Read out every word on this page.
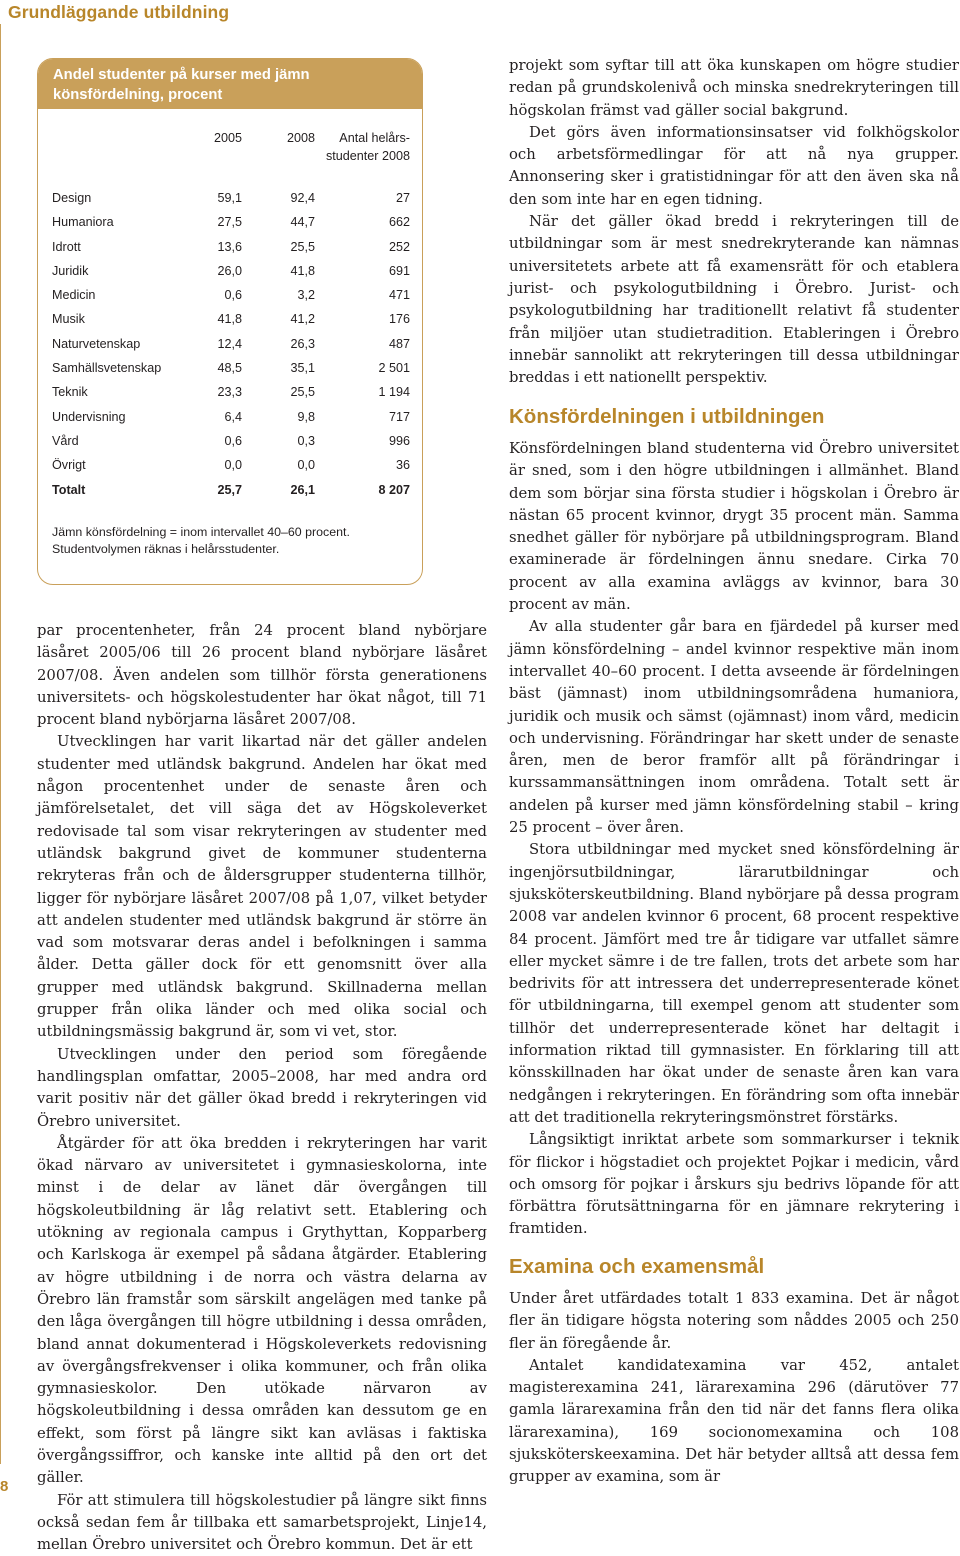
Grundläggande utbildning
8
Andel studenter på kurser med jämn könsfördelning, procent
2005	2008	Antal helårs-studenter 2008
Design	59,1	92,4	27
Humaniora	27,5	44,7	662
Idrott	13,6	25,5	252
Juridik	26,0	41,8	691
Medicin	0,6	3,2	471
Musik	41,8	41,2	176
Naturvetenskap	12,4	26,3	487
Samhällsvetenskap	48,5	35,1	2 501
Teknik	23,3	25,5	1 194
Undervisning	6,4	9,8	717
Vård	0,6	0,3	996
Övrigt	0,0	0,0	36
Totalt	25,7	26,1	8 207
Jämn könsfördelning = inom intervallet 40–60 procent. Studentvolymen räknas i helårsstudenter.

par procentenheter, från 24 procent bland nybörjare läsåret 2005/06 till 26 procent bland nybörjare läsåret 2007/08. Även andelen som tillhör första generationens universitets- och högskolestudenter har ökat något, till 71 procent bland nybörjarna läsåret 2007/08.

Utvecklingen har varit likartad när det gäller andelen studenter med utländsk bakgrund. Andelen har ökat med någon procentenhet under de senaste åren och jämförelsetalet, det vill säga det av Högskoleverket redovisade tal som visar rekryteringen av studenter med utländsk bakgrund givet de kommuner studenterna rekryteras från och de åldersgrupper studenterna tillhör, ligger för nybörjare läsåret 2007/08 på 1,07, vilket betyder att andelen studenter med utländsk bakgrund är större än vad som motsvarar deras andel i befolkningen i samma ålder. Detta gäller dock för ett genomsnitt över alla grupper med utländsk bakgrund. Skillnaderna mellan grupper från olika länder och med olika social och utbildningsmässig bakgrund är, som vi vet, stor.

Utvecklingen under den period som föregående handlingsplan omfattar, 2005–2008, har med andra ord varit positiv när det gäller ökad bredd i rekryteringen vid Örebro universitet.

Åtgärder för att öka bredden i rekryteringen har varit ökad närvaro av universitetet i gymnasieskolorna, inte minst i de delar av länet där övergången till högskoleutbildning är låg relativt sett. Etablering och utökning av regionala campus i Grythyttan, Kopparberg och Karlskoga är exempel på sådana åtgärder. Etablering av högre utbildning i de norra och västra delarna av Örebro län framstår som särskilt angelägen med tanke på den låga övergången till högre utbildning i dessa områden, bland annat dokumenterad i Högskoleverkets redovisning av övergångsfrekvenser i olika kommuner, och från olika gymnasieskolor. Den utökade närvaron av högskoleutbildning i dessa områden kan dessutom ge en effekt, som först på längre sikt kan avläsas i faktiska övergångssiffror, och kanske inte alltid på den ort det gäller.

För att stimulera till högskolestudier på längre sikt finns också sedan fem år tillbaka ett samarbetsprojekt, Linje14, mellan Örebro universitet och Örebro kommun. Det är ett

projekt som syftar till att öka kunskapen om högre studier redan på grundskolenivå och minska snedrekryteringen till högskolan främst vad gäller social bakgrund.

Det görs även informationsinsatser vid folkhögskolor och arbetsförmedlingar för att nå nya grupper. Annonsering sker i gratistidningar för att den även ska nå den som inte har en egen tidning.

När det gäller ökad bredd i rekryteringen till de utbildningar som är mest snedrekryterande kan nämnas universitetets arbete att få examensrätt för och etablera jurist- och psykologutbildning i Örebro. Jurist- och psykologutbildning har traditionellt relativt få studenter från miljöer utan studietradition. Etableringen i Örebro innebär sannolikt att rekryteringen till dessa utbildningar breddas i ett nationellt perspektiv.

Könsfördelningen i utbildningen

Könsfördelningen bland studenterna vid Örebro universitet är sned, som i den högre utbildningen i allmänhet. Bland dem som börjar sina första studier i högskolan i Örebro är nästan 65 procent kvinnor, drygt 35 procent män. Samma snedhet gäller för nybörjare på utbildningsprogram. Bland examinerade är fördelningen ännu snedare. Cirka 70 procent av alla examina avläggs av kvinnor, bara 30 procent av män.

Av alla studenter går bara en fjärdedel på kurser med jämn könsfördelning – andel kvinnor respektive män inom intervallet 40–60 procent. I detta avseende är fördelningen bäst (jämnast) inom utbildningsområdena humaniora, juridik och musik och sämst (ojämnast) inom vård, medicin och undervisning. Förändringar har skett under de senaste åren, men de beror framför allt på förändringar i kurssammansättningen inom områdena. Totalt sett är andelen på kurser med jämn könsfördelning stabil – kring 25 procent – över åren.

Stora utbildningar med mycket sned könsfördelning är ingenjörsutbildningar, lärarutbildningar och sjuksköterskeutbildning. Bland nybörjare på dessa program 2008 var andelen kvinnor 6 procent, 68 procent respektive 84 procent. Jämfört med tre år tidigare var utfallet sämre eller mycket sämre i de tre fallen, trots det arbete som har bedrivits för att intressera det underrepresenterade könet för utbildningarna, till exempel genom att studenter som tillhör det underrepresenterade könet har deltagit i information riktad till gymnasister. En förklaring till att könsskillnaden har ökat under de senaste åren kan vara nedgången i rekryteringen. En förändring som ofta innebär att det traditionella rekryteringsmönstret förstärks.

Långsiktigt inriktat arbete som sommarkurser i teknik för flickor i högstadiet och projektet Pojkar i medicin, vård och omsorg för pojkar i årskurs sju bedrivs löpande för att förbättra förutsättningarna för en jämnare rekrytering i framtiden.

Examina och examensmål

Under året utfärdades totalt 1 833 examina. Det är något fler än tidigare högsta notering som nåddes 2005 och 250 fler än föregående år.

Antalet kandidatexamina var 452, antalet magisterexamina 241, lärarexamina 296 (därutöver 77 gamla lärarexamina från den tid när det fanns flera olika lärarexamina), 169 socionomexamina och 108 sjuksköterskeexamina. Det här betyder alltså att dessa fem grupper av examina, som är
